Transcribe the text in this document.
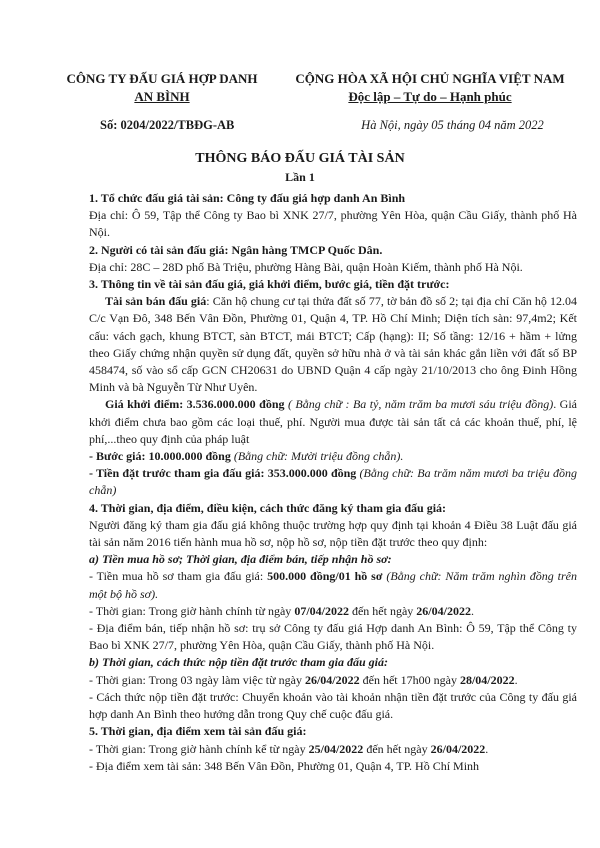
CÔNG TY ĐẤU GIÁ HỢP DANH
AN BÌNH
CỘNG HÒA XÃ HỘI CHỦ NGHĨA VIỆT NAM
Độc lập – Tự do – Hạnh phúc
Số: 0204/2022/TBĐG-AB	Hà Nội, ngày 05 tháng 04 năm 2022
THÔNG BÁO ĐẤU GIÁ TÀI SẢN
Lần 1

1. Tổ chức đấu giá tài sản: Công ty đấu giá hợp danh An Bình

Địa chỉ: Ô 59, Tập thể Công ty Bao bì XNK 27/7, phường Yên Hòa, quận Cầu Giấy, thành phố Hà Nội.

2. Người có tài sản đấu giá: Ngân hàng TMCP Quốc Dân.

Địa chỉ: 28C – 28D phố Bà Triệu, phường Hàng Bài, quận Hoàn Kiếm, thành phố Hà Nội.

3. Thông tin về tài sản đấu giá, giá khởi điểm, bước giá, tiền đặt trước:

Tài sản bán đấu giá: Căn hộ chung cư tại thửa đất số 77, tờ bản đồ số 2; tại địa chỉ Căn hộ 12.04 C/c Vạn Đô, 348 Bến Vân Đồn, Phường 01, Quận 4, TP. Hồ Chí Minh; Diện tích sàn: 97,4m2; Kết cấu: vách gạch, khung BTCT, sàn BTCT, mái BTCT; Cấp (hạng): II; Số tầng: 12/16 + hầm + lửng theo Giấy chứng nhận quyền sử dụng đất, quyền sở hữu nhà ở và tài sản khác gắn liền với đất số BP 458474, số vào sổ cấp GCN CH20631 do UBND Quận 4 cấp ngày 21/10/2013 cho ông Đinh Hồng Minh và bà Nguyễn Từ Như Uyên.

Giá khởi điểm: 3.536.000.000 đồng ( Bằng chữ : Ba tỷ, năm trăm ba mươi sáu triệu đồng). Giá khởi điểm chưa bao gồm các loại thuế, phí. Người mua được tài sản tất cả các khoản thuế, phí, lệ phí,...theo quy định của pháp luật

- Bước giá: 10.000.000 đồng (Bằng chữ: Mười triệu đồng chẵn).

- Tiền đặt trước tham gia đấu giá: 353.000.000 đồng (Bằng chữ: Ba trăm năm mươi ba triệu đồng chẵn)

4. Thời gian, địa điểm, điều kiện, cách thức đăng ký tham gia đấu giá:

Người đăng ký tham gia đấu giá không thuộc trường hợp quy định tại khoản 4 Điều 38 Luật đấu giá tài sản năm 2016 tiến hành mua hồ sơ, nộp hồ sơ, nộp tiền đặt trước theo quy định:

a) Tiền mua hồ sơ; Thời gian, địa điểm bán, tiếp nhận hồ sơ:

- Tiền mua hồ sơ tham gia đấu giá: 500.000 đồng/01 hồ sơ (Bằng chữ: Năm trăm nghìn đồng trên một bộ hồ sơ).

- Thời gian: Trong giờ hành chính từ ngày 07/04/2022 đến hết ngày 26/04/2022.

- Địa điểm bán, tiếp nhận hồ sơ: trụ sở Công ty đấu giá Hợp danh An Bình: Ô 59, Tập thể Công ty Bao bì XNK 27/7, phường Yên Hòa, quận Cầu Giấy, thành phố Hà Nội.

b) Thời gian, cách thức nộp tiền đặt trước tham gia đấu giá:

- Thời gian: Trong 03 ngày làm việc từ ngày 26/04/2022 đến hết 17h00 ngày 28/04/2022.

- Cách thức nộp tiền đặt trước: Chuyển khoản vào tài khoản nhận tiền đặt trước của Công ty đấu giá hợp danh An Bình theo hướng dẫn trong Quy chế cuộc đấu giá.

5. Thời gian, địa điểm xem tài sản đấu giá:

- Thời gian: Trong giờ hành chính kể từ ngày 25/04/2022 đến hết ngày 26/04/2022.

- Địa điểm xem tài sản: 348 Bến Vân Đồn, Phường 01, Quận 4, TP. Hồ Chí Minh
